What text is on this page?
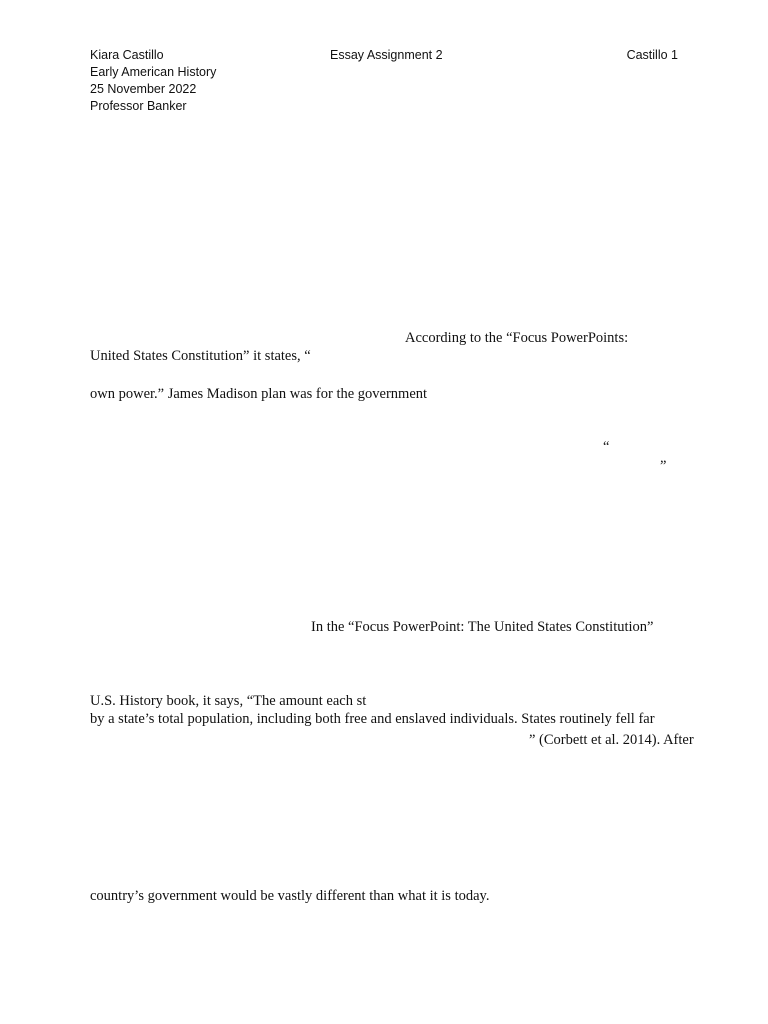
Kiara Castillo
Early American History
25 November 2022
Professor Banker
Essay Assignment 2	Castillo 1
According to the “Focus PowerPoints:
United States Constitution” it states, “
own power.” James Madison plan was for the government
“
”
In the “Focus PowerPoint: The United States Constitution”
U.S. History book, it says, “The amount each st
by a state’s total population, including both free and enslaved individuals. States routinely fell far
” (Corbett et al. 2014). After
country’s government would be vastly different than what it is today.
